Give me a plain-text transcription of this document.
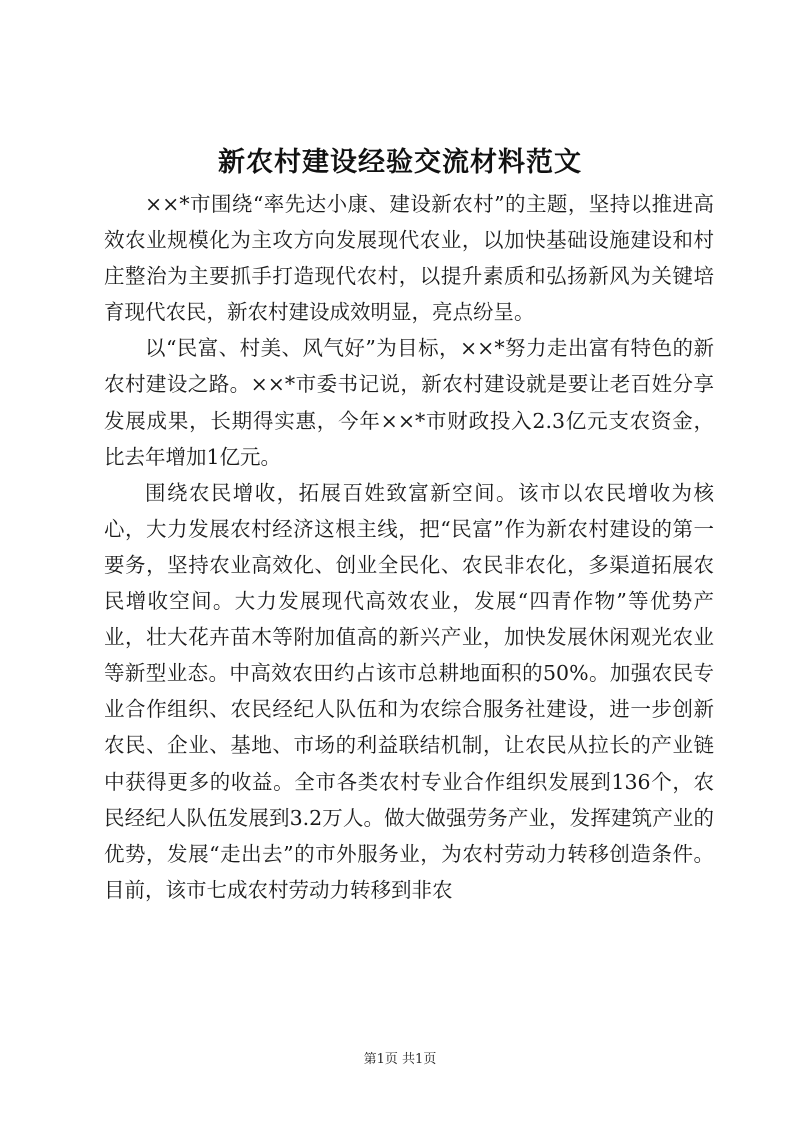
新农村建设经验交流材料范文

××*市围绕“率先达小康、建设新农村”的主题，坚持以推进高效农业规模化为主攻方向发展现代农业，以加快基础设施建设和村庄整治为主要抓手打造现代农村，以提升素质和弘扬新风为关键培育现代农民，新农村建设成效明显，亮点纷呈。

以“民富、村美、风气好”为目标，××*努力走出富有特色的新农村建设之路。××*市委书记说，新农村建设就是要让老百姓分享发展成果，长期得实惠，今年××*市财政投入2.3亿元支农资金，比去年增加1亿元。

围绕农民增收，拓展百姓致富新空间。该市以农民增收为核心，大力发展农村经济这根主线，把“民富”作为新农村建设的第一要务，坚持农业高效化、创业全民化、农民非农化，多渠道拓展农民增收空间。大力发展现代高效农业，发展“四青作物”等优势产业，壮大花卉苗木等附加值高的新兴产业，加快发展休闲观光农业等新型业态。中高效农田约占该市总耕地面积的50%。加强农民专业合作组织、农民经纪人队伍和为农综合服务社建设，进一步创新农民、企业、基地、市场的利益联结机制，让农民从拉长的产业链中获得更多的收益。全市各类农村专业合作组织发展到136个，农民经纪人队伍发展到3.2万人。做大做强劳务产业，发挥建筑产业的优势，发展“走出去”的市外服务业，为农村劳动力转移创造条件。目前，该市七成农村劳动力转移到非农

第1页 共1页
